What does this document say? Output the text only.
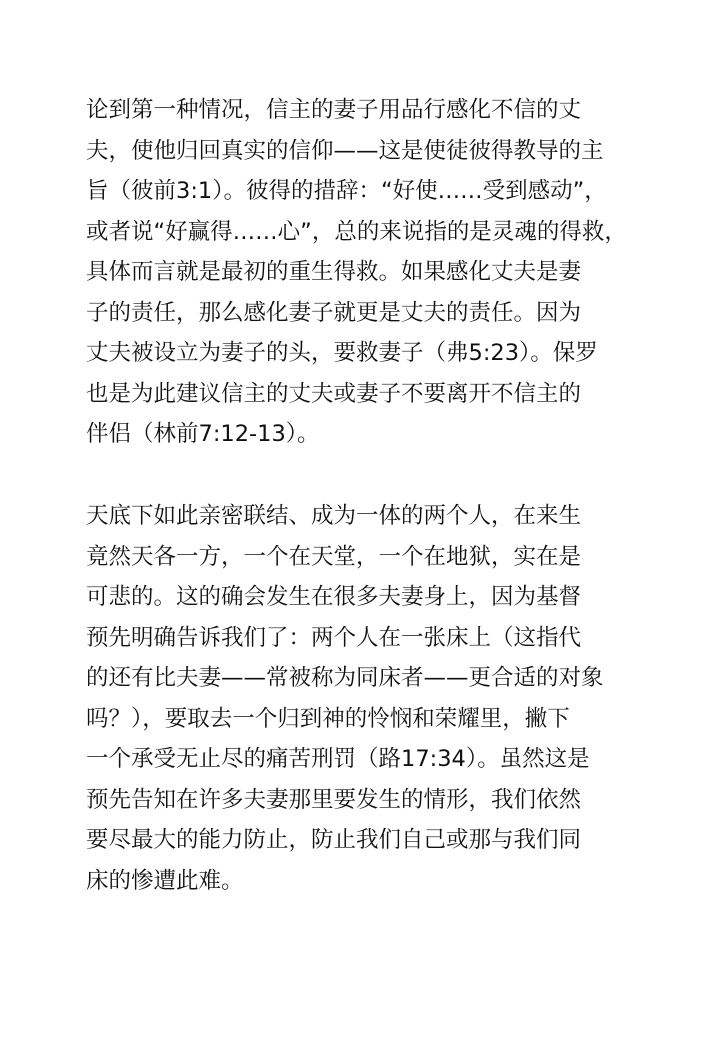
论到第一种情况，信主的妻子用品行感化不信的丈
夫，使他归回真实的信仰——这是使徒彼得教导的主
旨（彼前3:1）。彼得的措辞：“好使……受到感动”，
或者说“好赢得……心”，总的来说指的是灵魂的得救，
具体而言就是最初的重生得救。如果感化丈夫是妻
子的责任，那么感化妻子就更是丈夫的责任。因为
丈夫被设立为妻子的头，要救妻子（弗5:23）。保罗
也是为此建议信主的丈夫或妻子不要离开不信主的
伴侣（林前7:12-13）。

天底下如此亲密联结、成为一体的两个人，在来生
竟然天各一方，一个在天堂，一个在地狱，实在是
可悲的。这的确会发生在很多夫妻身上，因为基督
预先明确告诉我们了：两个人在一张床上（这指代
的还有比夫妻——常被称为同床者——更合适的对象
吗？），要取去一个归到神的怜悯和荣耀里，撇下
一个承受无止尽的痛苦刑罚（路17:34）。虽然这是
预先告知在许多夫妻那里要发生的情形，我们依然
要尽最大的能力防止，防止我们自己或那与我们同
床的惨遭此难。
